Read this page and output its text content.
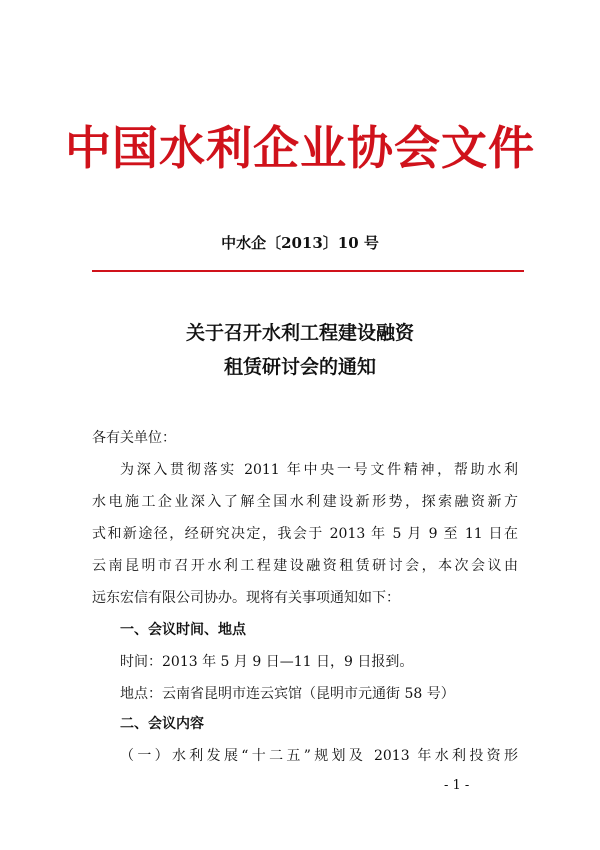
中国水利企业协会文件
中水企〔2013〕10 号
关于召开水利工程建设融资
租赁研讨会的通知
各有关单位：
为深入贯彻落实 2011 年中央一号文件精神，帮助水利
水电施工企业深入了解全国水利建设新形势，探索融资新方
式和新途径，经研究决定，我会于 2013 年 5 月 9 至 11 日在
云南昆明市召开水利工程建设融资租赁研讨会，本次会议由
远东宏信有限公司协办。现将有关事项通知如下：
一、会议时间、地点
时间：2013 年 5 月 9 日—11 日，9 日报到。
地点：云南省昆明市连云宾馆（昆明市元通街 58 号）
二、会议内容
（一）水利发展“十二五”规划及 2013 年水利投资形
- 1 -
